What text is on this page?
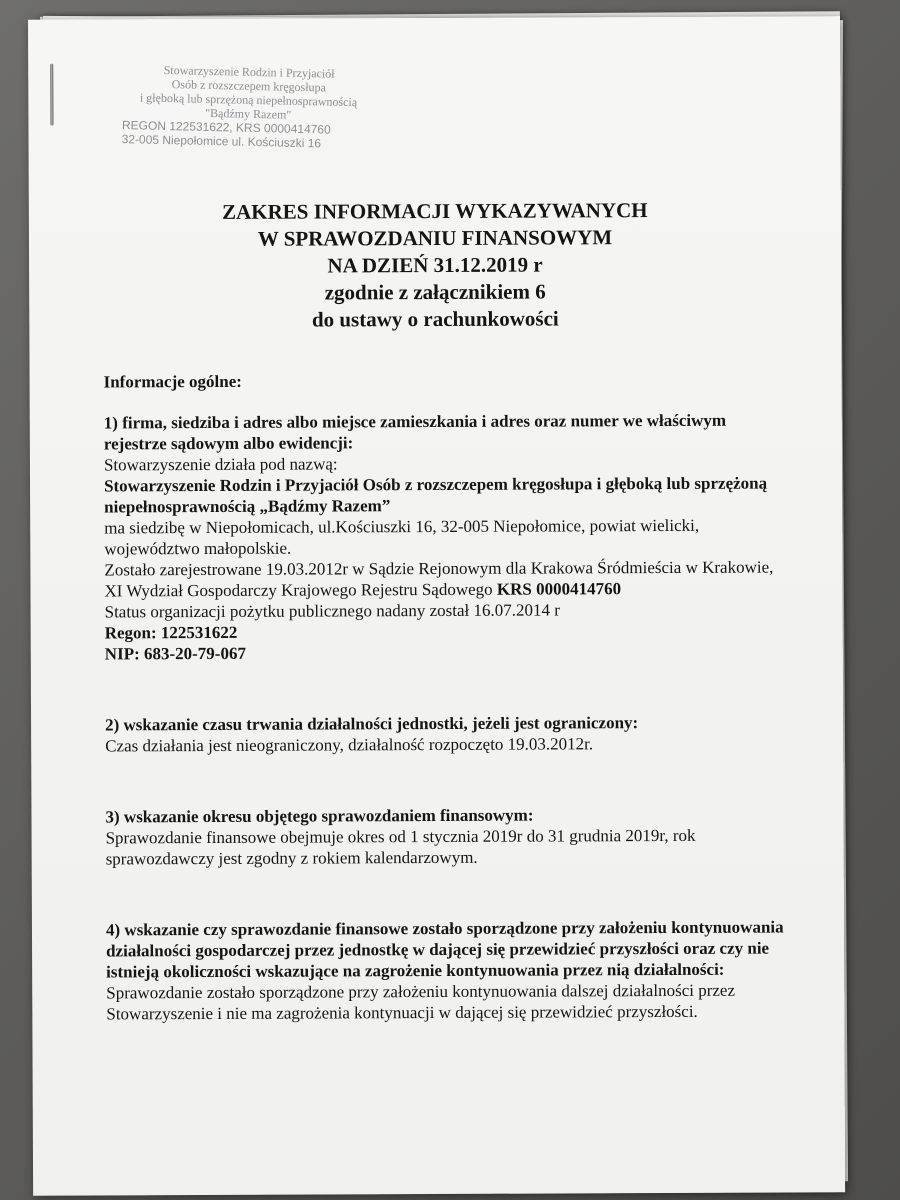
Stowarzyszenie Rodzin i Przyjaciół
Osób z rozszczepem kręgosłupa
i głęboką lub sprzężoną niepełnosprawnością
"Bądźmy Razem"
REGON 122531622, KRS 0000414760
32-005 Niepołomice ul. Kościuszki 16
ZAKRES INFORMACJI WYKAZYWANYCH
W SPRAWOZDANIU FINANSOWYM
NA DZIEŃ 31.12.2019 r
zgodnie z załącznikiem 6
do ustawy o rachunkowości

Informacje ogólne:

1) firma, siedziba i adres albo miejsce zamieszkania i adres oraz numer we właściwym rejestrze sądowym albo ewidencji:

Stowarzyszenie działa pod nazwą:

Stowarzyszenie Rodzin i Przyjaciół Osób z rozszczepem kręgosłupa i głęboką lub sprzężoną niepełnosprawnością „Bądźmy Razem”

ma siedzibę w Niepołomicach, ul.Kościuszki 16, 32-005 Niepołomice, powiat wielicki, województwo małopolskie.

Zostało zarejestrowane 19.03.2012r w Sądzie Rejonowym dla Krakowa Śródmieścia w Krakowie,

XI Wydział Gospodarczy Krajowego Rejestru Sądowego KRS 0000414760

Status organizacji pożytku publicznego nadany został 16.07.2014 r

Regon: 122531622

NIP: 683-20-79-067

2) wskazanie czasu trwania działalności jednostki, jeżeli jest ograniczony:

Czas działania jest nieograniczony, działalność rozpoczęto 19.03.2012r.

3) wskazanie okresu objętego sprawozdaniem finansowym:

Sprawozdanie finansowe obejmuje okres od 1 stycznia 2019r do 31 grudnia 2019r, rok sprawozdawczy jest zgodny z rokiem kalendarzowym.

4) wskazanie czy sprawozdanie finansowe zostało sporządzone przy założeniu kontynuowania działalności gospodarczej przez jednostkę w dającej się przewidzieć przyszłości oraz czy nie istnieją okoliczności wskazujące na zagrożenie kontynuowania przez nią działalności:

Sprawozdanie zostało sporządzone przy założeniu kontynuowania dalszej działalności przez Stowarzyszenie i nie ma zagrożenia kontynuacji w dającej się przewidzieć przyszłości.
